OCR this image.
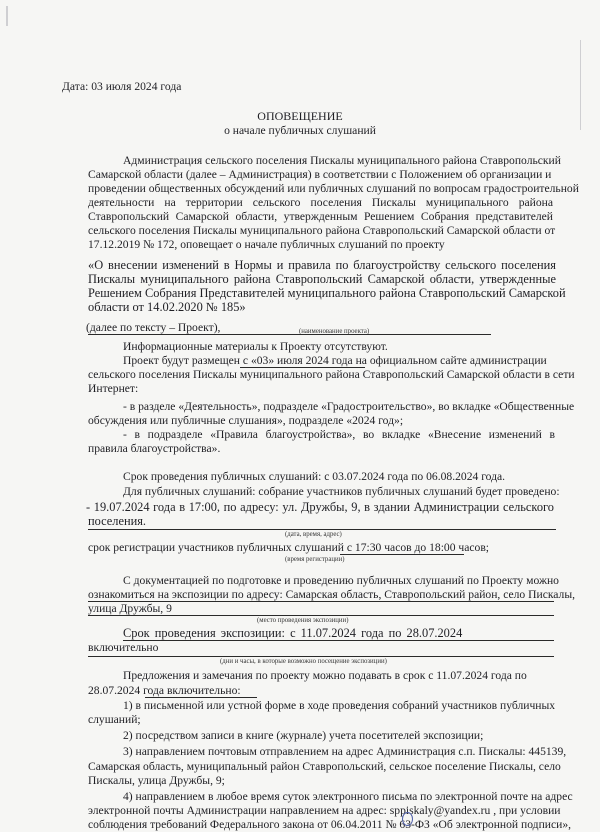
Дата: 03 июля 2024 года
ОПОВЕЩЕНИЕ
о начале публичных слушаний
Администрация сельского поселения Пискалы муниципального района Ставропольский
Самарской области (далее – Администрация) в соответствии с Положением об организации и
проведении общественных обсуждений или публичных слушаний по вопросам градостроительной
деятельности на территории сельского поселения Пискалы муниципального района
Ставропольский Самарской области, утвержденным Решением Собрания представителей
сельского поселения Пискалы муниципального района Ставропольский Самарской области от
17.12.2019 № 172, оповещает о начале публичных слушаний по проекту
«О внесении изменений в Нормы и правила по благоустройству сельского поселения
Пискалы муниципального района Ставропольский Самарской области, утвержденные
Решением Собрания Представителей муниципального района Ставропольский Самарской
области от 14.02.2020 № 185»
(далее по тексту – Проект),	(наименование проекта)
Информационные материалы к Проекту отсутствуют.
Проект будут размещен с «03» июля 2024 года на официальном сайте администрации
сельского поселения Пискалы муниципального района Ставропольский Самарской области в сети
Интернет:
- в разделе «Деятельность», подразделе «Градостроительство», во вкладке «Общественные
обсуждения или публичные слушания», подразделе «2024 год»;
- в подразделе «Правила благоустройства», во вкладке «Внесение изменений в
правила благоустройства».
Срок проведения публичных слушаний: с 03.07.2024 года по 06.08.2024 года.
Для публичных слушаний: собрание участников публичных слушаний будет проведено:
- 19.07.2024 года в 17:00, по адресу: ул. Дружбы, 9, в здании Администрации сельского
поселения.
(дата, время, адрес)
срок регистрации участников публичных слушаний с 17:30 часов до 18:00 часов;
(время регистрации)
С документацией по подготовке и проведению публичных слушаний по Проекту можно
ознакомиться на экспозиции по адресу: Самарская область, Ставропольский район, село Пискалы,
улица Дружбы, 9
(место проведения экспозиции)
Срок проведения экспозиции: с 11.07.2024 года по 28.07.2024
включительно
(дни и часы, в которые возможно посещение экспозиции)
Предложения и замечания по проекту можно подавать в срок с 11.07.2024 года по
28.07.2024 года включительно:
1) в письменной или устной форме в ходе проведения собраний участников публичных
слушаний;
2) посредством записи в книге (журнале) учета посетителей экспозиции;
3) направлением почтовым отправлением на адрес Администрация с.п. Пискалы: 445139,
Самарская область, муниципальный район Ставропольский, сельское поселение Пискалы, село
Пискалы, улица Дружбы, 9;
4) направлением в любое время суток электронного письма по электронной почте на адрес
электронной почты Администрации направлением на адрес: sppiskaly@yandex.ru , при условии
соблюдения требований Федерального закона от 06.04.2011 № 63-ФЗ «Об электронной подписи»,
